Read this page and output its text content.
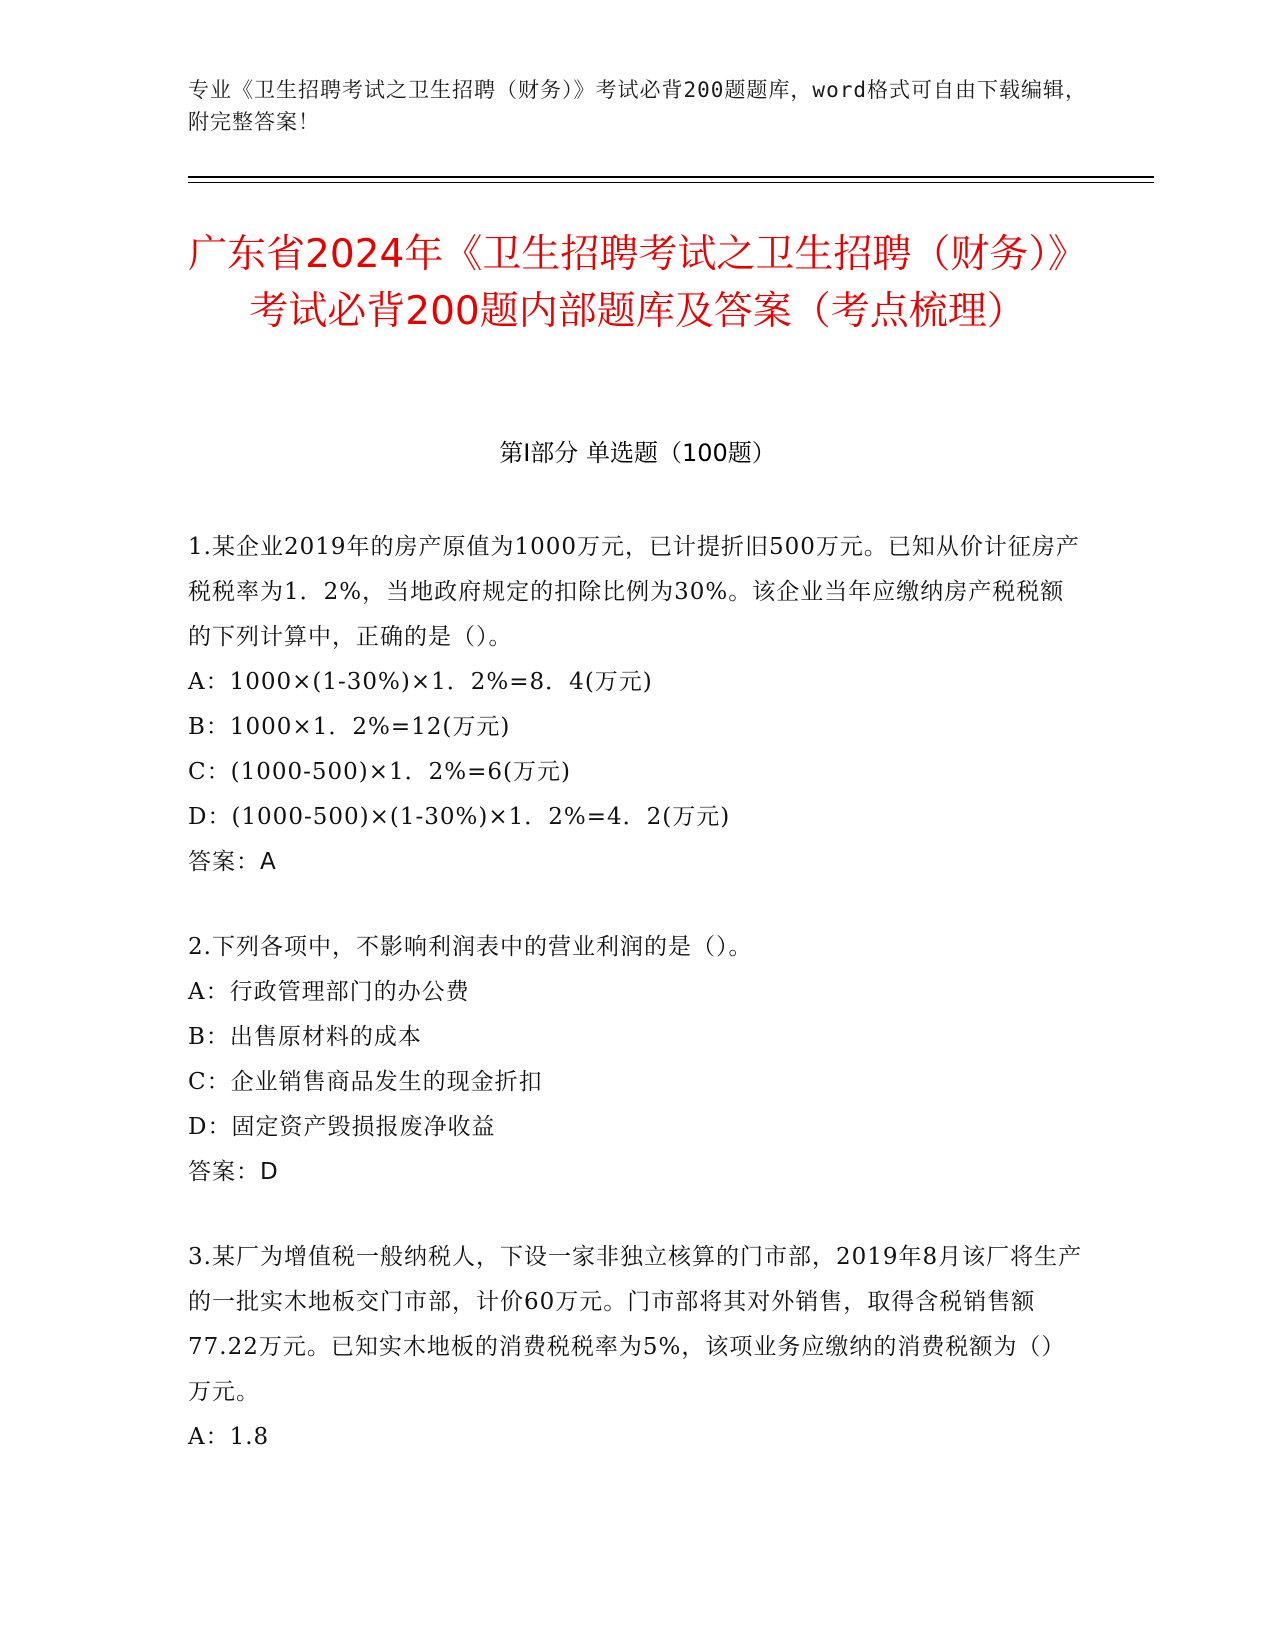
专业《卫生招聘考试之卫生招聘（财务）》考试必背200题题库，word格式可自由下载编辑，附完整答案！
广东省2024年《卫生招聘考试之卫生招聘（财务）》考试必背200题内部题库及答案（考点梳理）
第I部分 单选题（100题）
1.某企业2019年的房产原值为1000万元，已计提折旧500万元。已知从价计征房产税税率为1．2%，当地政府规定的扣除比例为30%。该企业当年应缴纳房产税税额的下列计算中，正确的是（）。
A：1000×(1-30%)×1．2%=8．4(万元)
B：1000×1．2%=12(万元)
C：(1000-500)×1．2%=6(万元)
D：(1000-500)×(1-30%)×1．2%=4．2(万元)
答案：A
2.下列各项中，不影响利润表中的营业利润的是（）。
A：行政管理部门的办公费
B：出售原材料的成本
C：企业销售商品发生的现金折扣
D：固定资产毁损报废净收益
答案：D
3.某厂为增值税一般纳税人，下设一家非独立核算的门市部，2019年8月该厂将生产的一批实木地板交门市部，计价60万元。门市部将其对外销售，取得含税销售额77.22万元。已知实木地板的消费税税率为5%，该项业务应缴纳的消费税额为（）万元。
A：1.8
